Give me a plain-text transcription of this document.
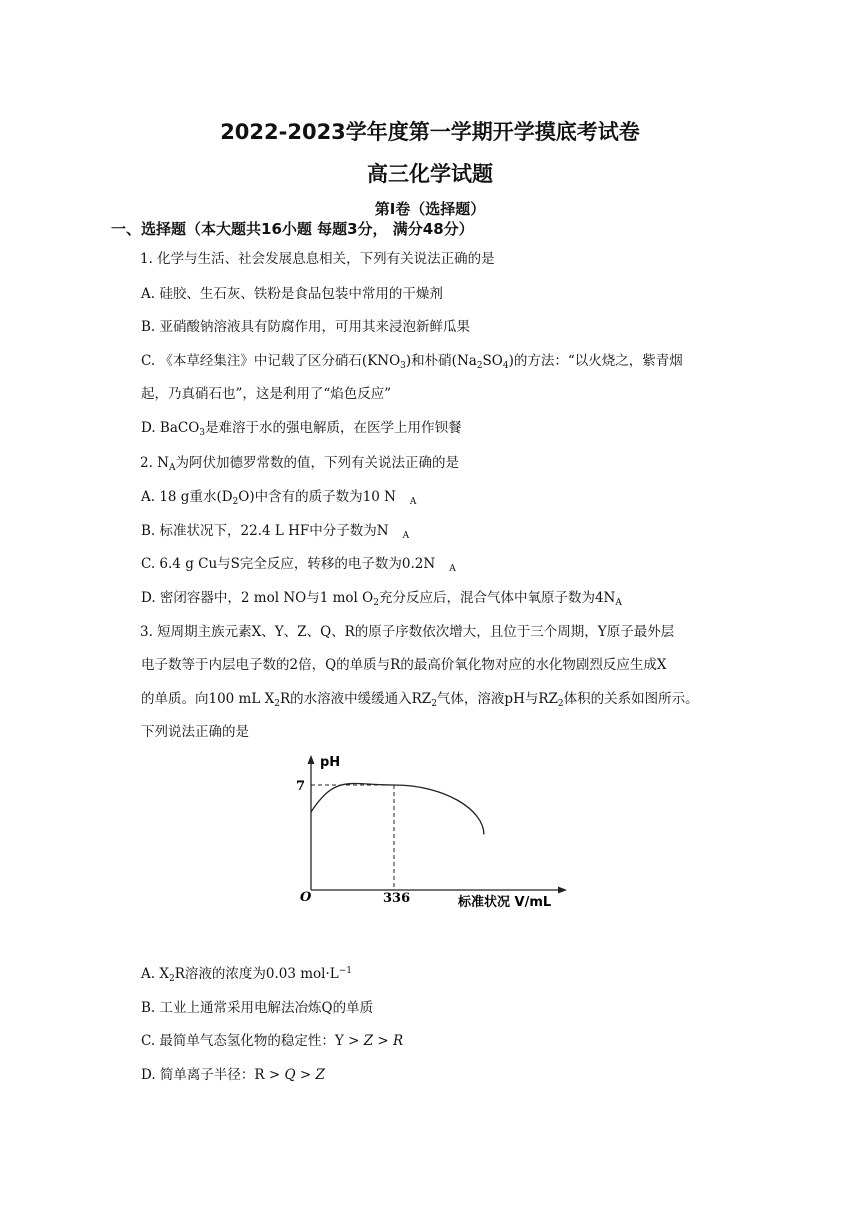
2022-2023学年度第一学期开学摸底考试卷
高三化学试题
第Ⅰ卷（选择题）
一、选择题（本大题共16小题 每题3分， 满分48分）
1. 化学与生活、社会发展息息相关，下列有关说法正确的是
A. 硅胶、生石灰、铁粉是食品包装中常用的干燥剂
B. 亚硝酸钠溶液具有防腐作用，可用其来浸泡新鲜瓜果
C. 《本草经集注》中记载了区分硝石$(KNO_3)$和朴硝$(Na_2SO_4)$的方法：“以火烧之，紫青烟
起，乃真硝石也”，这是利用了“焰色反应”
D. BaCO$_3$是难溶于水的强电解质，在医学上用作钡餐
2. $N_A$为阿伏加德罗常数的值，下列有关说法正确的是
A. 18 g重水$(D_2O)$中含有的质子数为10 N $_A$
B. 标准状况下，22.4 L HF中分子数为N $_A$
C. 6.4 g Cu与S完全反应，转移的电子数为0.2N $_A$
D. 密闭容器中，2 mol NO与1 mol $O_2$充分反应后，混合气体中氧原子数为$4N_A$
3. 短周期主族元素X、Y、Z、Q、R的原子序数依次增大，且位于三个周期，Y原子最外层
电子数等于内层电子数的2倍，Q的单质与R的最高价氧化物对应的水化物剧烈反应生成X
的单质。向100 mL $X_2R$的水溶液中缓缓通入$RZ_2$气体，溶液pH与$RZ_2$体积的关系如图所示。
下列说法正确的是
pH
7
O	336	标准状况 V/mL
A. $X_2R$溶液的浓度为0.03 $mol\cdot L^{-1}$
B. 工业上通常采用电解法冶炼Q的单质
C. 最简单气态氢化物的稳定性：Y > Z > R
D. 简单离子半径：R > Q > Z
